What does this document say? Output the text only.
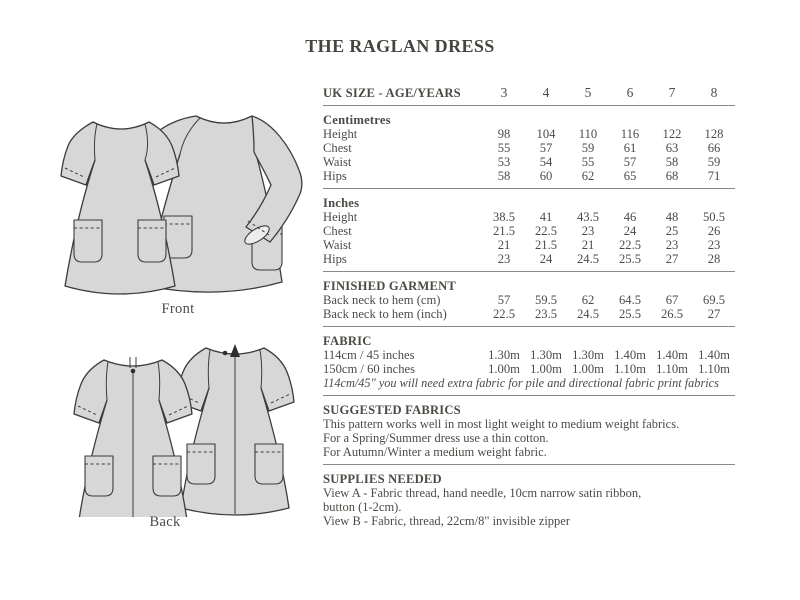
THE RAGLAN DRESS
Front
Back
UK SIZE - AGE/YEARS	3	4	5	6	7	8
Centimetres
Height	98	104	110	116	122	128
Chest	55	57	59	61	63	66
Waist	53	54	55	57	58	59
Hips	58	60	62	65	68	71
Inches
Height	38.5	41	43.5	46	48	50.5
Chest	21.5	22.5	23	24	25	26
Waist	21	21.5	21	22.5	23	23
Hips	23	24	24.5	25.5	27	28
FINISHED GARMENT
Back neck to hem (cm)	57	59.5	62	64.5	67	69.5
Back neck to hem (inch)	22.5	23.5	24.5	25.5	26.5	27
FABRIC
114cm / 45 inches	1.30m 1.30m 1.30m 1.40m 1.40m 1.40m
150cm / 60 inches	1.00m 1.00m 1.00m 1.10m 1.10m 1.10m
114cm/45" you will need extra fabric for pile and directional fabric print fabrics
SUGGESTED FABRICS
This pattern works well in most light weight to medium weight fabrics.
For a Spring/Summer dress use a thin cotton.
For Autumn/Winter a medium weight fabric.
SUPPLIES NEEDED
View A - Fabric thread, hand needle, 10cm narrow satin ribbon,
button (1-2cm).
View B - Fabric, thread, 22cm/8" invisible zipper
